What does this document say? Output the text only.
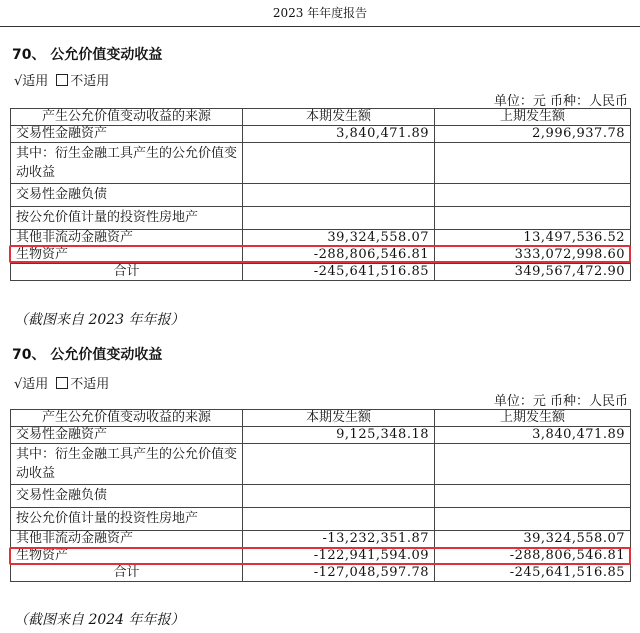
2023 年年度报告
70、 公允价值变动收益
√适用 不适用
单位：元 币种：人民币
产生公允价值变动收益的来源	本期发生额	上期发生额
交易性金融资产	3,840,471.89	2,996,937.78
其中：衍生金融工具产生的公允价值变动收益		
交易性金融负债		
按公允价值计量的投资性房地产		
其他非流动金融资产	39,324,558.07	13,497,536.52
生物资产	-288,806,546.81	333,072,998.60
合计	-245,641,516.85	349,567,472.90
（截图来自 2023 年年报）
70、 公允价值变动收益
√适用 不适用
单位：元 币种：人民币
产生公允价值变动收益的来源	本期发生额	上期发生额
交易性金融资产	9,125,348.18	3,840,471.89
其中：衍生金融工具产生的公允价值变动收益		
交易性金融负债		
按公允价值计量的投资性房地产		
其他非流动金融资产	-13,232,351.87	39,324,558.07
生物资产	-122,941,594.09	-288,806,546.81
合计	-127,048,597.78	-245,641,516.85
（截图来自 2024 年年报）
